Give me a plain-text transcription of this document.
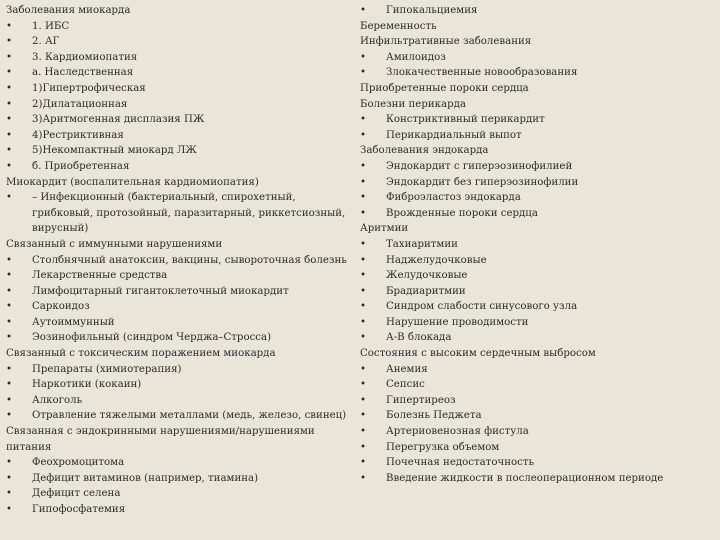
Заболевания миокарда
• 1. ИБС
• 2. АГ
• 3. Кардиомиопатия
• a. Наследственная
• 1)Гипертрофическая
• 2)Дилатационная
• 3)Аритмогенная дисплазия ПЖ
• 4)Рестриктивная
• 5)Некомпактный миокард ЛЖ
• б. Приобретенная
Миокардит (воспалительная кардиомиопатия)
• – Инфекционный (бактериальный, спирохетный,
грибковый, протозойный, паразитарный, риккетсиозный,
вирусный)
Связанный с иммунными нарушениями
• Столбнячный анатоксин, вакцины, сывороточная болезнь
• Лекарственные средства
• Лимфоцитарный гигантоклеточный миокардит
• Саркоидоз
• Аутоиммунный
• Эозинофильный (синдром Черджа–Стросса)
Связанный с токсическим поражением миокарда
• Препараты (химиотерапия)
• Наркотики (кокаин)
• Алкоголь
• Отравление тяжелыми металлами (медь, железо, свинец)
Связанная с эндокринными нарушениями/нарушениями
питания
• Феохромоцитома
• Дефицит витаминов (например, тиамина)
• Дефицит селена
• Гипофосфатемия
• Гипокальциемия
Беременность
Инфильтративные заболевания
• Амилоидоз
• Злокачественные новообразования
Приобретенные пороки сердца
Болезни перикарда
• Констриктивный перикардит
• Перикардиальный выпот
Заболевания эндокарда
• Эндокардит с гиперэозинофилией
• Эндокардит без гиперэозинофилии
• Фиброэластоз эндокарда
• Врожденные пороки сердца
Аритмии
• Тахиаритмии
• Наджелудочковые
• Желудочковые
• Брадиаритмии
• Синдром слабости синусового узла
• Нарушение проводимости
• А-В блокада
Состояния с высоким сердечным выбросом
• Анемия
• Сепсис
• Гипертиреоз
• Болезнь Педжета
• Артериовенозная фистула
• Перегрузка объемом
• Почечная недостаточность
• Введение жидкости в послеоперационном периоде
